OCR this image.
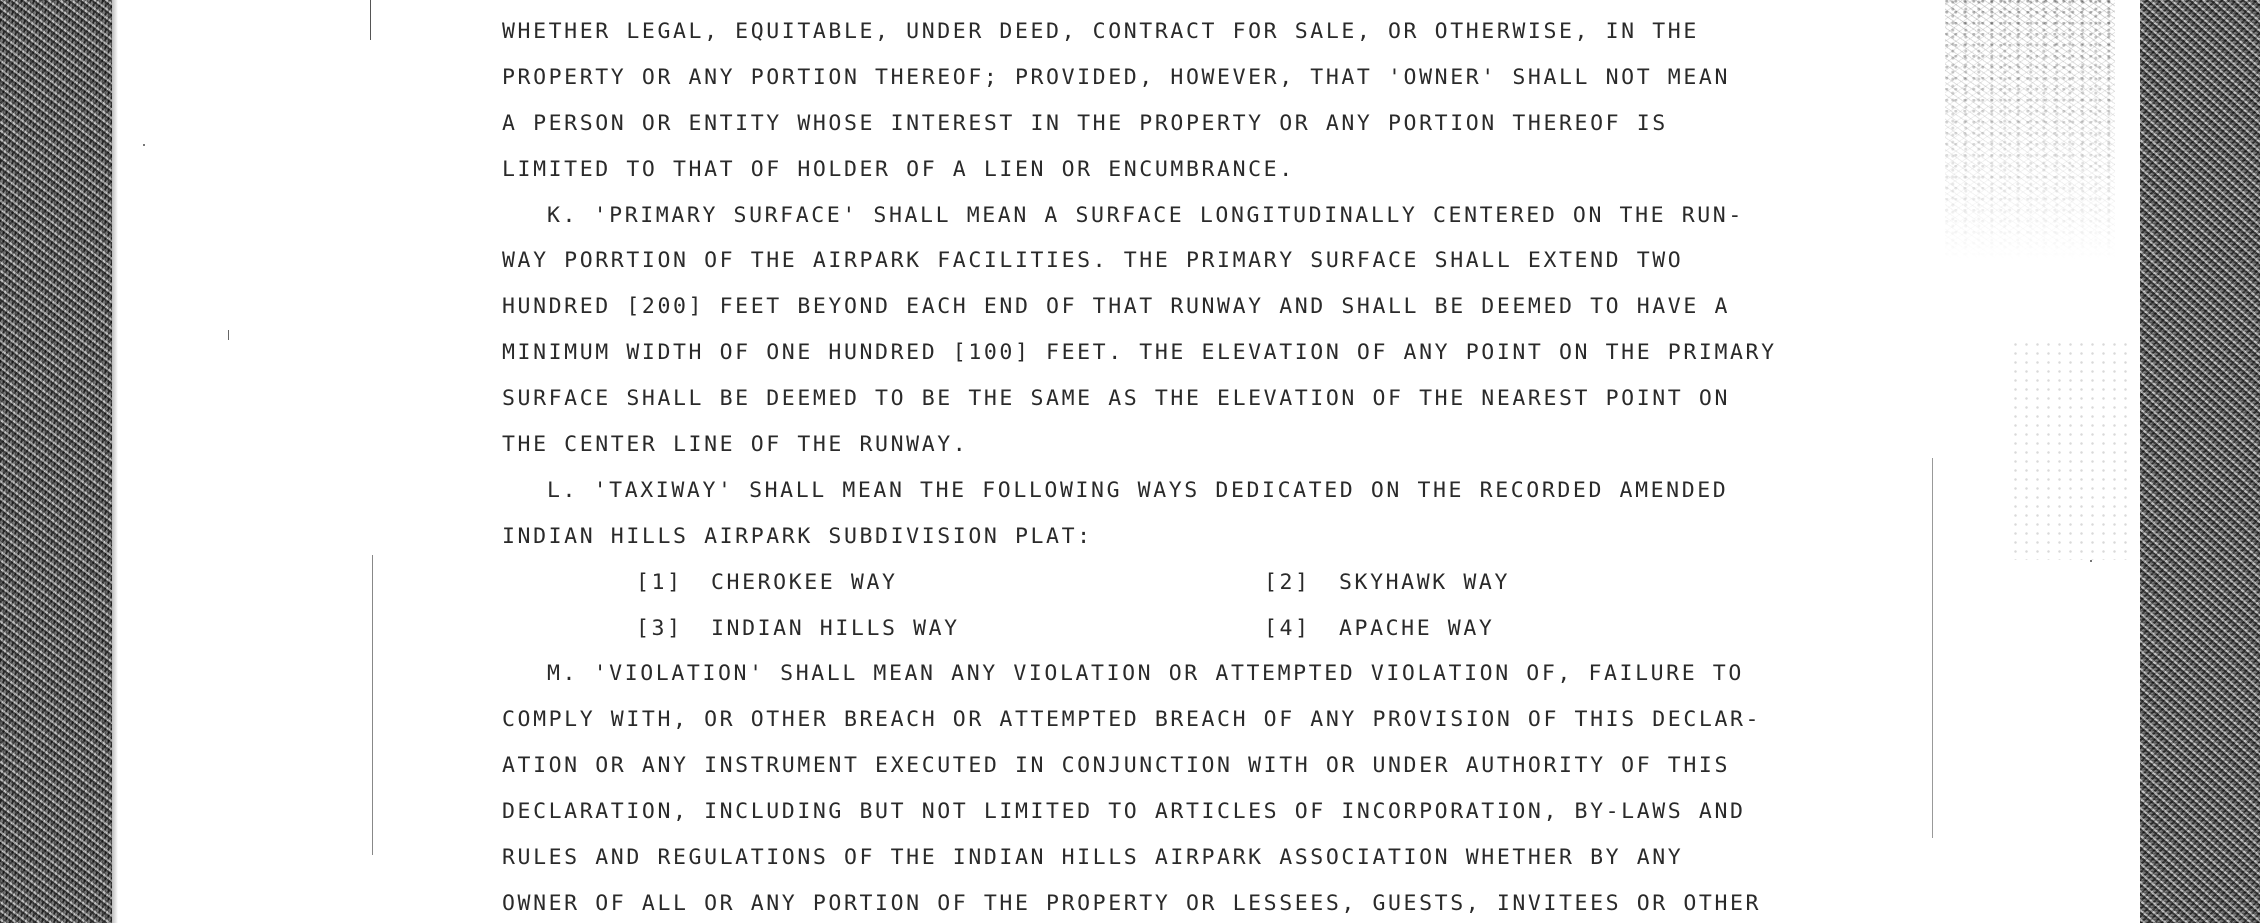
WHETHER LEGAL, EQUITABLE, UNDER DEED, CONTRACT FOR SALE, OR OTHERWISE, IN THE
PROPERTY OR ANY PORTION THEREOF; PROVIDED, HOWEVER, THAT 'OWNER' SHALL NOT MEAN
A PERSON OR ENTITY WHOSE INTEREST IN THE PROPERTY OR ANY PORTION THEREOF IS
LIMITED TO THAT OF HOLDER OF A LIEN OR ENCUMBRANCE.
K. 'PRIMARY SURFACE' SHALL MEAN A SURFACE LONGITUDINALLY CENTERED ON THE RUN-
WAY PORRTION OF THE AIRPARK FACILITIES. THE PRIMARY SURFACE SHALL EXTEND TWO
HUNDRED [200] FEET BEYOND EACH END OF THAT RUNWAY AND SHALL BE DEEMED TO HAVE A
MINIMUM WIDTH OF ONE HUNDRED [100] FEET. THE ELEVATION OF ANY POINT ON THE PRIMARY
SURFACE SHALL BE DEEMED TO BE THE SAME AS THE ELEVATION OF THE NEAREST POINT ON
THE CENTER LINE OF THE RUNWAY.
L. 'TAXIWAY' SHALL MEAN THE FOLLOWING WAYS DEDICATED ON THE RECORDED AMENDED
INDIAN HILLS AIRPARK SUBDIVISION PLAT:
[1] CHEROKEE WAY	[2] SKYHAWK WAY
[3] INDIAN HILLS WAY	[4] APACHE WAY
M. 'VIOLATION' SHALL MEAN ANY VIOLATION OR ATTEMPTED VIOLATION OF, FAILURE TO
COMPLY WITH, OR OTHER BREACH OR ATTEMPTED BREACH OF ANY PROVISION OF THIS DECLAR-
ATION OR ANY INSTRUMENT EXECUTED IN CONJUNCTION WITH OR UNDER AUTHORITY OF THIS
DECLARATION, INCLUDING BUT NOT LIMITED TO ARTICLES OF INCORPORATION, BY-LAWS AND
RULES AND REGULATIONS OF THE INDIAN HILLS AIRPARK ASSOCIATION WHETHER BY ANY
OWNER OF ALL OR ANY PORTION OF THE PROPERTY OR LESSEES, GUESTS, INVITEES OR OTHER
